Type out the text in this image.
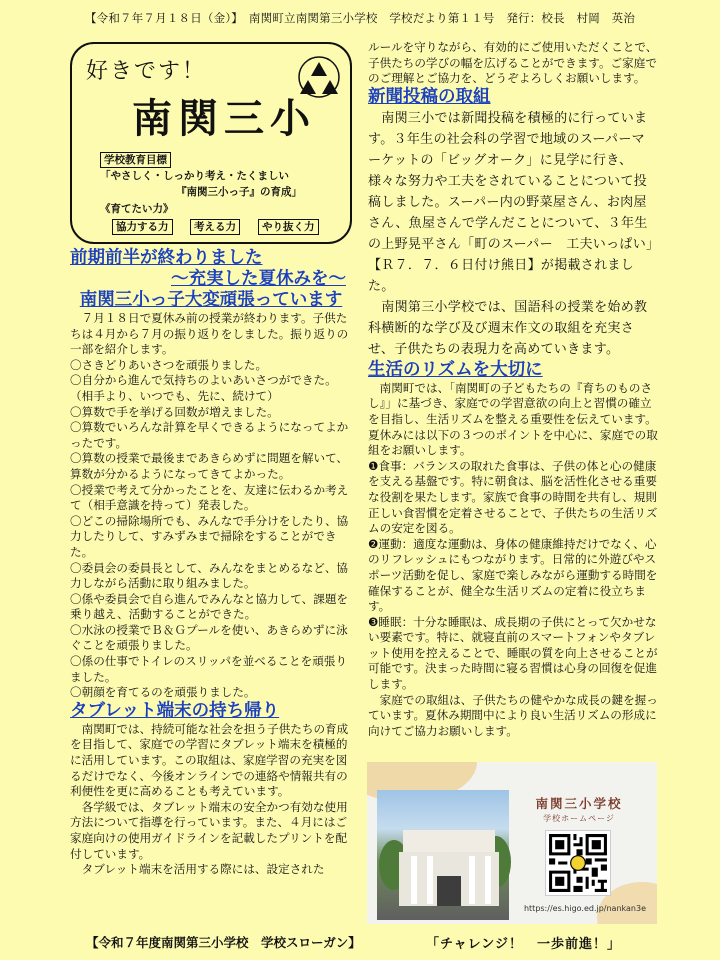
【令和７年７月１８日（金）】　南関町立南関第三小学校　学校だより第１１号　発行：校長　村岡　英治
好きです！
南関三小
学校教育目標
「やさしく・しっかり考え・たくましい
『南関三小っ子』の育成」
《育てたい力》
協力する力	考える力	やり抜く力
前期前半が終わりました
～充実した夏休みを～
南関三小っ子大変頑張っています

　７月１８日で夏休み前の授業が終わります。子供たちは４月から７月の振り返りをしました。振り返りの一部を紹介します。

〇さきどりあいさつを頑張りました。

〇自分から進んで気持ちのよいあいさつができた。（相手より、いつでも、先に、続けて）

〇算数で手を挙げる回数が増えました。

〇算数でいろんな計算を早くできるようになってよかったです。

〇算数の授業で最後まであきらめずに問題を解いて、算数が分かるようになってきてよかった。

〇授業で考えて分かったことを、友達に伝わるか考えて（相手意識を持って）発表した。

〇どこの掃除場所でも、みんなで手分けをしたり、協力したりして、すみずみまで掃除をすることができた。

〇委員会の委員長として、みんなをまとめるなど、協力しながら活動に取り組みました。

〇係や委員会で自ら進んでみんなと協力して、課題を乗り越え、活動することができた。

〇水泳の授業でＢ＆Ｇプールを使い、あきらめずに泳ぐことを頑張りました。

〇係の仕事でトイレのスリッパを並べることを頑張りました。

〇朝顔を育てるのを頑張りました。

タブレット端末の持ち帰り

　南関町では、持続可能な社会を担う子供たちの育成を目指して、家庭での学習にタブレット端末を積極的に活用しています。この取組は、家庭学習の充実を図るだけでなく、今後オンラインでの連絡や情報共有の利便性を更に高めることも考えています。

　各学級では、タブレット端末の安全かつ有効な使用方法について指導を行っています。また、４月にはご家庭向けの使用ガイドラインを記載したプリントを配付しています。

　タブレット端末を活用する際には、設定された

ルールを守りながら、有効的にご使用いただくことで、子供たちの学びの幅を広げることができます。ご家庭でのご理解とご協力を、どうぞよろしくお願いします。

新聞投稿の取組

　南関三小では新聞投稿を積極的に行っています。３年生の社会科の学習で地域のスーパーマーケットの「ビッグオーク」に見学に行き、様々な努力や工夫をされていることについて投稿しました。スーパー内の野菜屋さん、お肉屋さん、魚屋さんで学んだことについて、３年生の上野晃平さん「町のスーパー　工夫いっぱい」【Ｒ７．７．６日付け熊日】が掲載されました。

　南関第三小学校では、国語科の授業を始め教科横断的な学び及び週末作文の取組を充実させ、子供たちの表現力を高めていきます。

生活のリズムを大切に

　南関町では、「南関町の子どもたちの『育ちのものさし』」に基づき、家庭での学習意欲の向上と習慣の確立を目指し、生活リズムを整える重要性を伝えています。夏休みには以下の３つのポイントを中心に、家庭での取組をお願いします。

❶食事：バランスの取れた食事は、子供の体と心の健康を支える基盤です。特に朝食は、脳を活性化させる重要な役割を果たします。家族で食事の時間を共有し、規則正しい食習慣を定着させることで、子供たちの生活リズムの安定を図る。

❷運動：適度な運動は、身体の健康維持だけでなく、心のリフレッシュにもつながります。日常的に外遊びやスポーツ活動を促し、家庭で楽しみながら運動する時間を確保することが、健全な生活リズムの定着に役立ちます。

❸睡眠：十分な睡眠は、成長期の子供にとって欠かせない要素です。特に、就寝直前のスマートフォンやタブレット使用を控えることで、睡眠の質を向上させることが可能です。決まった時間に寝る習慣は心身の回復を促進します。

　家庭での取組は、子供たちの健やかな成長の鍵を握っています。夏休み期間中により良い生活リズムの形成に向けてご協力お願いします。

南関三小学校
学校ホームページ
https://es.higo.ed.jp/nankan3e
【令和７年度南関第三小学校　学校スローガン】	「チャレンジ！　一歩前進！」
